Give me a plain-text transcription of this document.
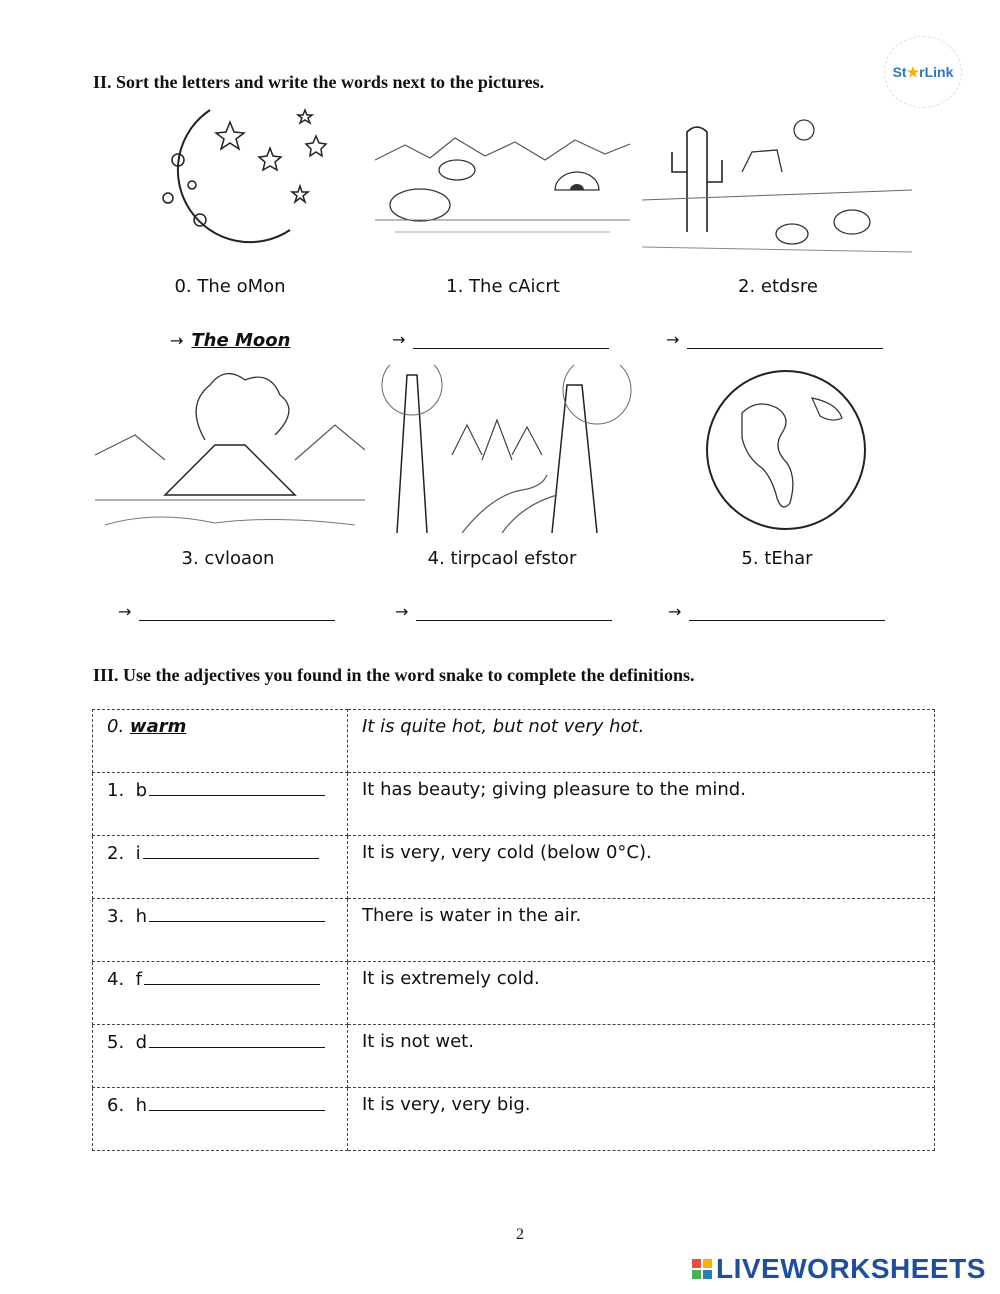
II. Sort the letters and write the words next to the pictures.	St ★ rLink
0. The oMon	1. The cAicrt	2. etdsre
→ The Moon	→	→
3. cvloaon	4. tirpcaol efstor	5. tEhar
→	→	→
III. Use the adjectives you found in the word snake to complete the definitions.
0. warm	It is quite hot, but not very hot.
1. b	It has beauty; giving pleasure to the mind.
2. i	It is very, very cold (below 0°C).
3. h	There is water in the air.
4. f	It is extremely cold.
5. d	It is not wet.
6. h	It is very, very big.
2
LIVEWORKSHEETS
